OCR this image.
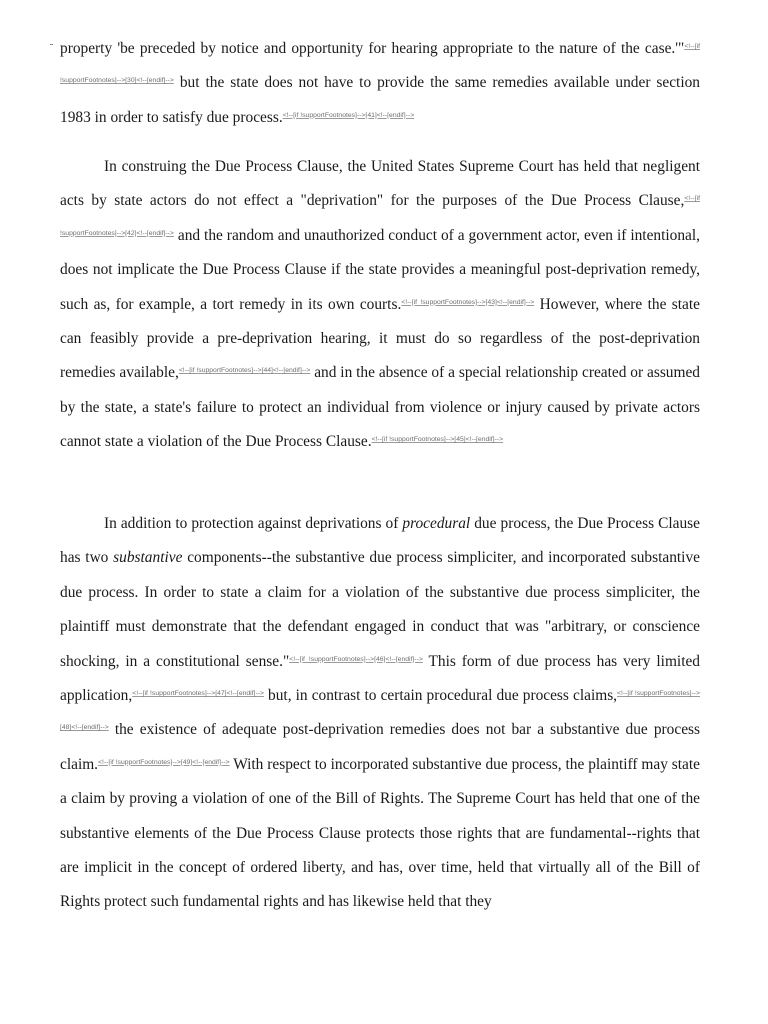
property 'be preceded by notice and opportunity for hearing appropriate to the nature of the case.'"$^{<!--[if !supportFootnotes]-->[30]<!--[endif]-->}$ but the state does not have to provide the same remedies available under section 1983 in order to satisfy due process.$^{<!--[if !supportFootnotes]-->[41]<!--[endif]-->}$

In construing the Due Process Clause, the United States Supreme Court has held that negligent acts by state actors do not effect a "deprivation" for the purposes of the Due Process Clause,$^{<!--[if !supportFootnotes]-->[42]<!--[endif]-->}$ and the random and unauthorized conduct of a government actor, even if intentional, does not implicate the Due Process Clause if the state provides a meaningful post-deprivation remedy, such as, for example, a tort remedy in its own courts.$^{<!--[if !supportFootnotes]-->[43]<!--[endif]-->}$ However, where the state can feasibly provide a pre-deprivation hearing, it must do so regardless of the post-deprivation remedies available,$^{<!--[if !supportFootnotes]-->[44]<!--[endif]-->}$ and in the absence of a special relationship created or assumed by the state, a state's failure to protect an individual from violence or injury caused by private actors cannot state a violation of the Due Process Clause.$^{<!--[if !supportFootnotes]-->[45]<!--[endif]-->}$

In addition to protection against deprivations of procedural due process, the Due Process Clause has two substantive components--the substantive due process simpliciter, and incorporated substantive due process. In order to state a claim for a violation of the substantive due process simpliciter, the plaintiff must demonstrate that the defendant engaged in conduct that was "arbitrary, or conscience shocking, in a constitutional sense."$^{<!--[if !supportFootnotes]-->[46]<!--[endif]-->}$ This form of due process has very limited application,$^{<!--[if !supportFootnotes]-->[47]<!--[endif]-->}$ but, in contrast to certain procedural due process claims,$^{<!--[if !supportFootnotes]-->[48]<!--[endif]-->}$ the existence of adequate post-deprivation remedies does not bar a substantive due process claim.$^{<!--[if !supportFootnotes]-->[49]<!--[endif]-->}$ With respect to incorporated substantive due process, the plaintiff may state a claim by proving a violation of one of the Bill of Rights. The Supreme Court has held that one of the substantive elements of the Due Process Clause protects those rights that are fundamental--rights that are implicit in the concept of ordered liberty, and has, over time, held that virtually all of the Bill of Rights protect such fundamental rights and has likewise held that they
